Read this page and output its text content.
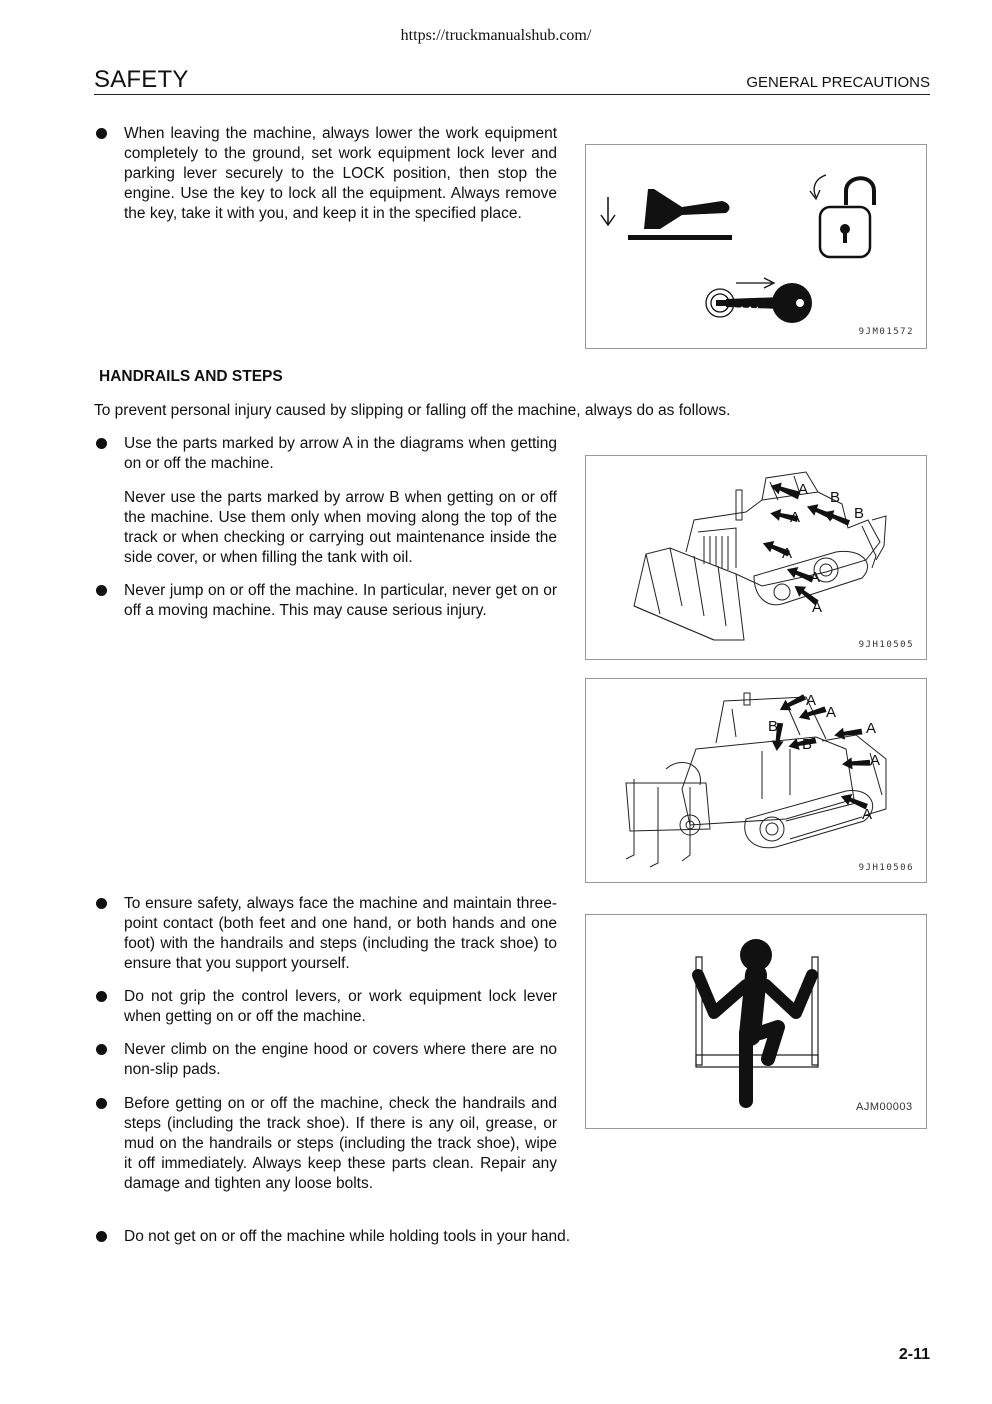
https://truckmanualshub.com/
SAFETY	GENERAL PRECAUTIONS
When leaving the machine, always lower the work equipment completely to the ground, set work equipment lock lever and parking lever securely to the LOCK position, then stop the engine. Use the key to lock all the equipment. Always remove the key, take it with you, and keep it in the specified place.
9JM01572
HANDRAILS AND STEPS
To prevent personal injury caused by slipping or falling off the machine, always do as follows.
Use the parts marked by arrow A in the diagrams when getting on or off the machine.
Never use the parts marked by arrow B when getting on or off the machine. Use them only when moving along the top of the track or when checking or carrying out maintenance inside the side cover, or when filling the tank with oil.
Never jump on or off the machine. In particular, never get on or off a moving machine. This may cause serious injury.
A
A
B
B
A
A
A
9JH10505
A
A
A
A
A
B
B
9JH10506
To ensure safety, always face the machine and maintain three-point contact (both feet and one hand, or both hands and one foot) with the handrails and steps (including the track shoe) to ensure that you support yourself.
Do not grip the control levers, or work equipment lock lever when getting on or off the machine.
Never climb on the engine hood or covers where there are no non-slip pads.
Before getting on or off the machine, check the handrails and steps (including the track shoe). If there is any oil, grease, or mud on the handrails or steps (including the track shoe), wipe it off immediately. Always keep these parts clean. Repair any damage and tighten any loose bolts.
Do not get on or off the machine while holding tools in your hand.
AJM00003
2-11
